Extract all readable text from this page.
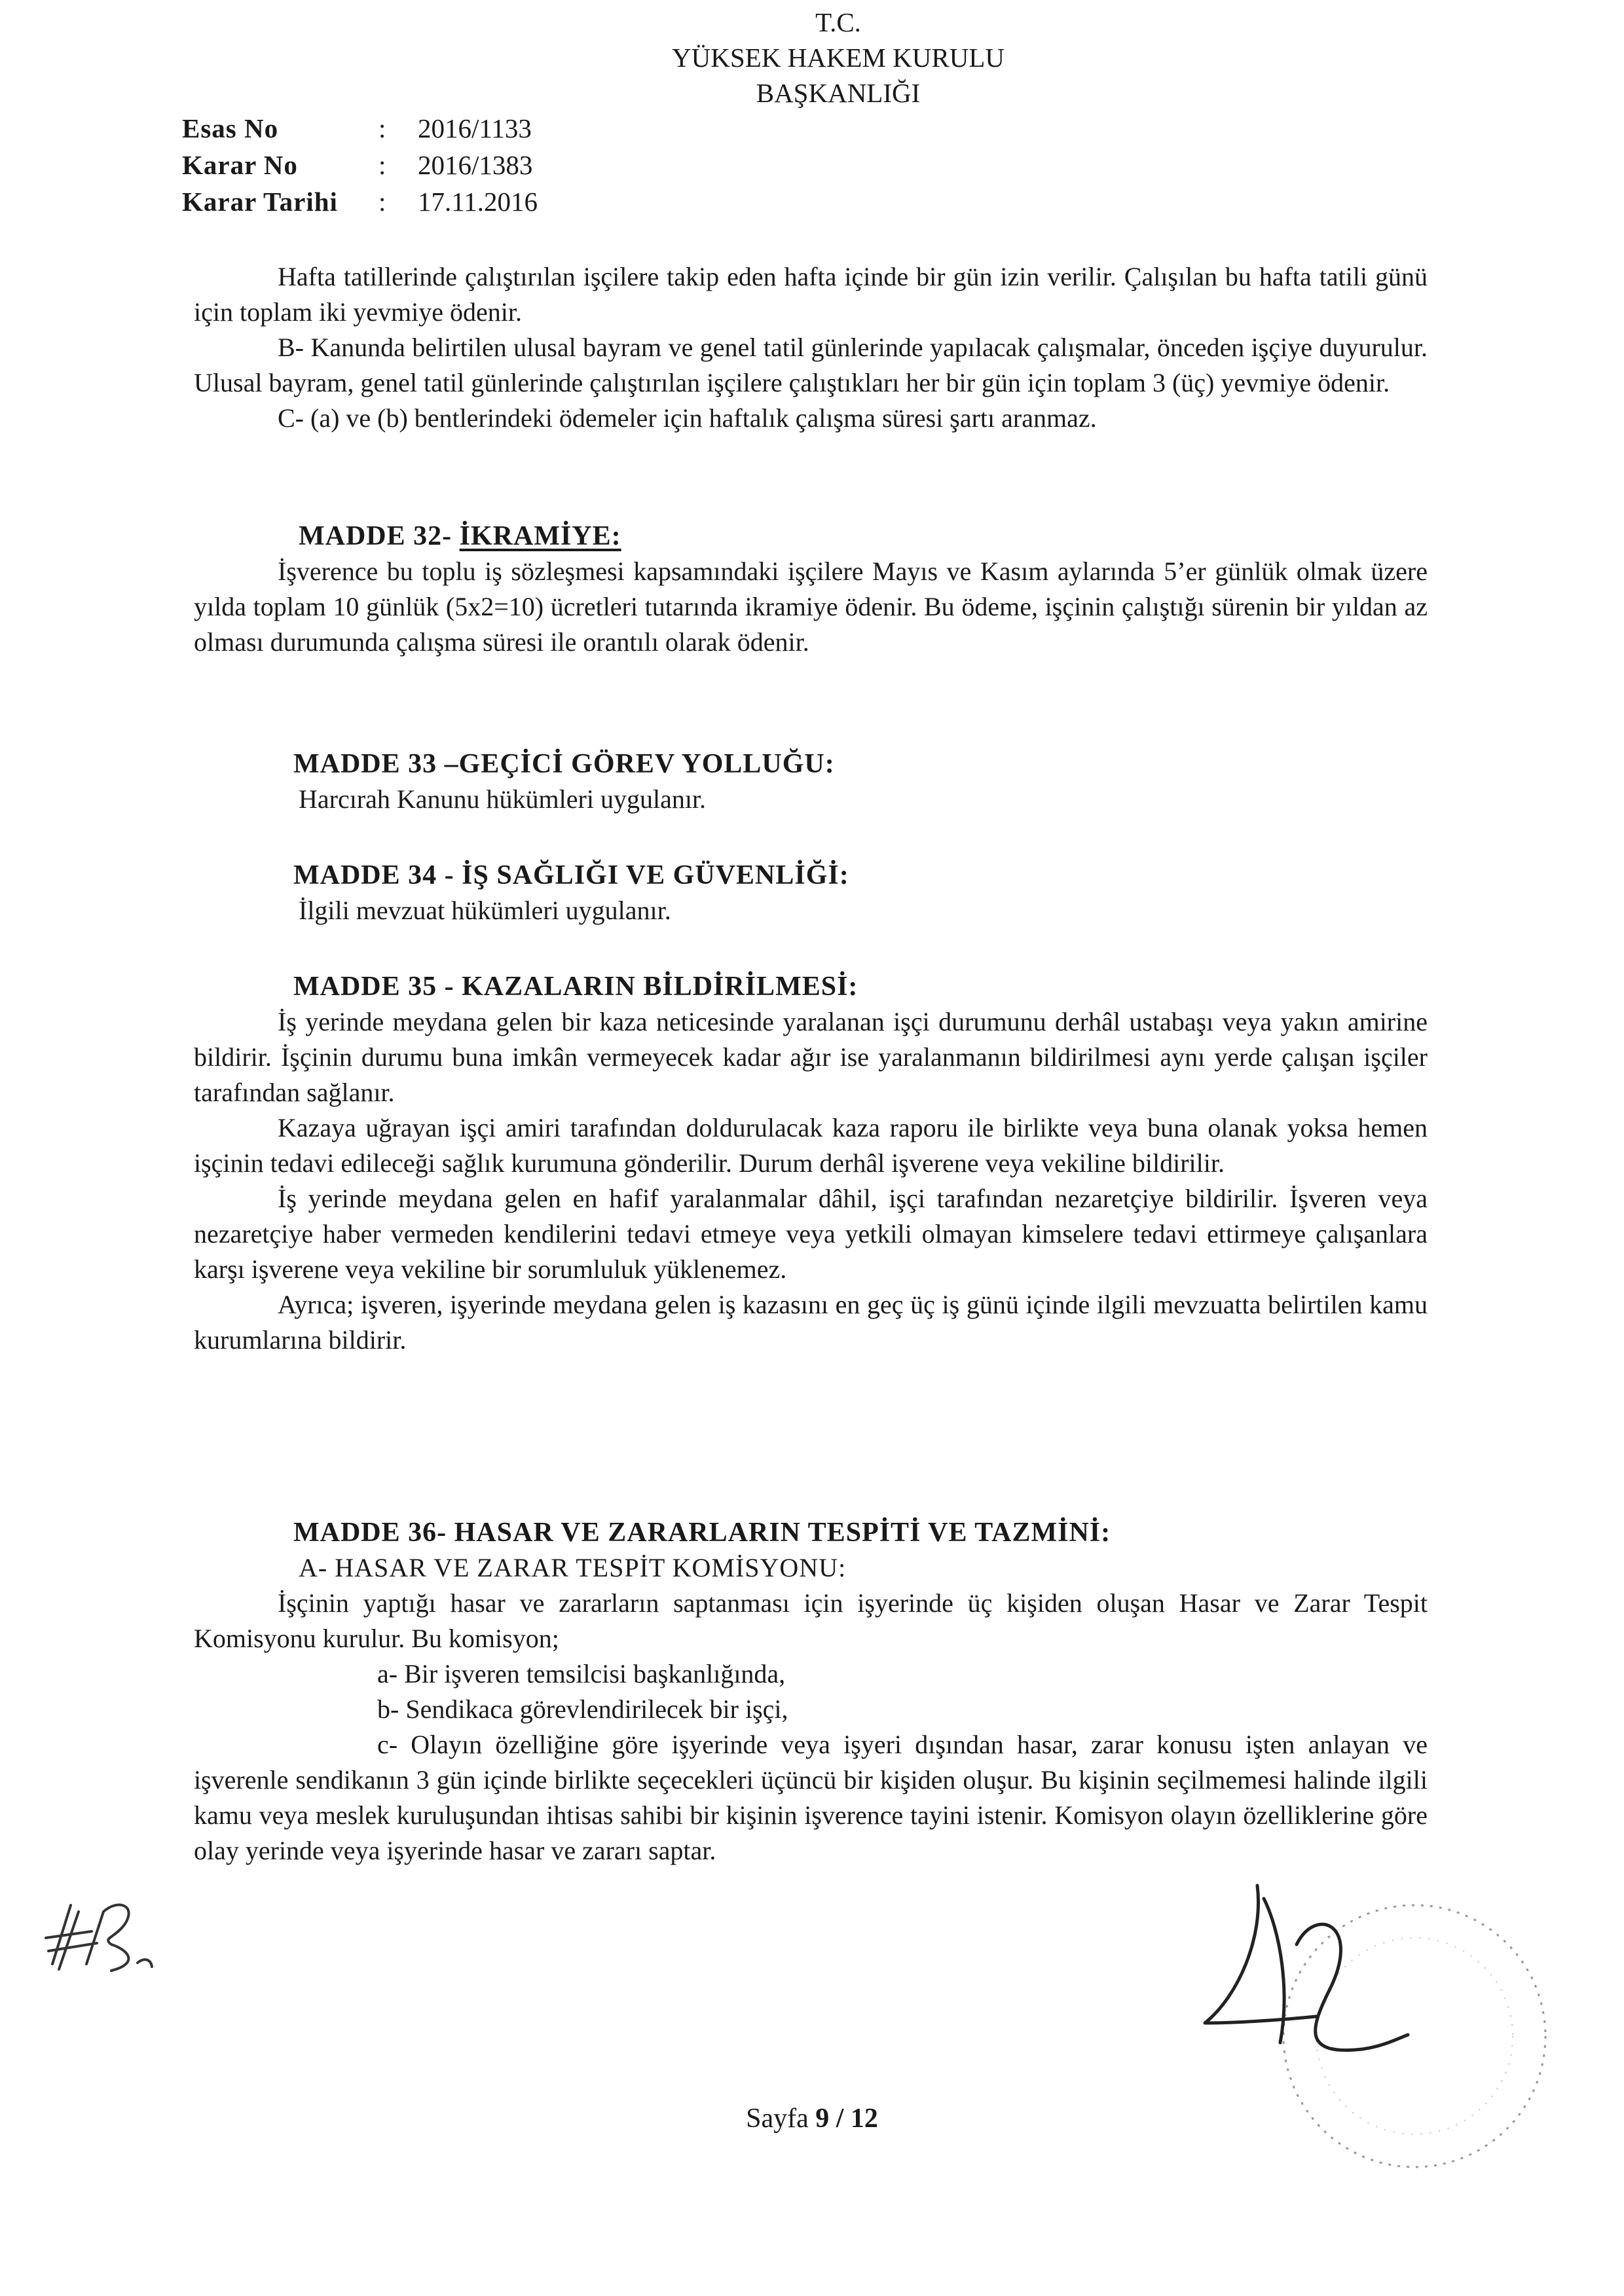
T.C.
YÜKSEK HAKEM KURULU
BAŞKANLIĞI
Esas No	:	2016/1133
Karar No	:	2016/1383
Karar Tarihi	:	17.11.2016

Hafta tatillerinde çalıştırılan işçilere takip eden hafta içinde bir gün izin verilir. Çalışılan bu hafta tatili günü için toplam iki yevmiye ödenir.

B- Kanunda belirtilen ulusal bayram ve genel tatil günlerinde yapılacak çalışmalar, önceden işçiye duyurulur. Ulusal bayram, genel tatil günlerinde çalıştırılan işçilere çalıştıkları her bir gün için toplam 3 (üç) yevmiye ödenir.

C- (a) ve (b) bentlerindeki ödemeler için haftalık çalışma süresi şartı aranmaz.

MADDE 32- İKRAMİYE:

İşverence bu toplu iş sözleşmesi kapsamındaki işçilere Mayıs ve Kasım aylarında 5’er günlük olmak üzere yılda toplam 10 günlük (5x2=10) ücretleri tutarında ikramiye ödenir. Bu ödeme, işçinin çalıştığı sürenin bir yıldan az olması durumunda çalışma süresi ile orantılı olarak ödenir.

MADDE 33 –GEÇİCİ GÖREV YOLLUĞU:

Harcırah Kanunu hükümleri uygulanır.

MADDE 34 - İŞ SAĞLIĞI VE GÜVENLİĞİ:

İlgili mevzuat hükümleri uygulanır.

MADDE 35 - KAZALARIN BİLDİRİLMESİ:

İş yerinde meydana gelen bir kaza neticesinde yaralanan işçi durumunu derhâl ustabaşı veya yakın amirine bildirir. İşçinin durumu buna imkân vermeyecek kadar ağır ise yaralanmanın bildirilmesi aynı yerde çalışan işçiler tarafından sağlanır.

Kazaya uğrayan işçi amiri tarafından doldurulacak kaza raporu ile birlikte veya buna olanak yoksa hemen işçinin tedavi edileceği sağlık kurumuna gönderilir. Durum derhâl işverene veya vekiline bildirilir.

İş yerinde meydana gelen en hafif yaralanmalar dâhil, işçi tarafından nezaretçiye bildirilir. İşveren veya nezaretçiye haber vermeden kendilerini tedavi etmeye veya yetkili olmayan kimselere tedavi ettirmeye çalışanlara karşı işverene veya vekiline bir sorumluluk yüklenemez.

Ayrıca; işveren, işyerinde meydana gelen iş kazasını en geç üç iş günü içinde ilgili mevzuatta belirtilen kamu kurumlarına bildirir.

MADDE 36- HASAR VE ZARARLARIN TESPİTİ VE TAZMİNİ:

A- HASAR VE ZARAR TESPİT KOMİSYONU:

İşçinin yaptığı hasar ve zararların saptanması için işyerinde üç kişiden oluşan Hasar ve Zarar Tespit Komisyonu kurulur. Bu komisyon;

a- Bir işveren temsilcisi başkanlığında,

b- Sendikaca görevlendirilecek bir işçi,

c- Olayın özelliğine göre işyerinde veya işyeri dışından hasar, zarar konusu işten anlayan ve işverenle sendikanın 3 gün içinde birlikte seçecekleri üçüncü bir kişiden oluşur. Bu kişinin seçilmemesi halinde ilgili kamu veya meslek kuruluşundan ihtisas sahibi bir kişinin işverence tayini istenir. Komisyon olayın özelliklerine göre olay yerinde veya işyerinde hasar ve zararı saptar.

Sayfa 9 / 12
